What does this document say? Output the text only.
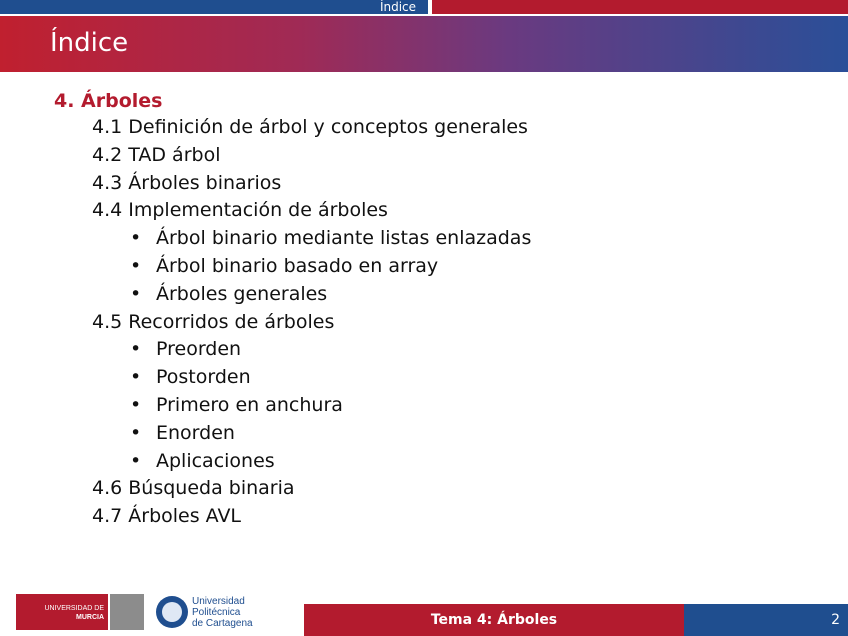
Índice
Índice
4. Árboles
4.1 Definición de árbol y conceptos generales
4.2 TAD árbol
4.3 Árboles binarios
4.4 Implementación de árboles
• Árbol binario mediante listas enlazadas
• Árbol binario basado en array
• Árboles generales
4.5 Recorridos de árboles
• Preorden
• Postorden
• Primero en anchura
• Enorden
• Aplicaciones
4.6 Búsqueda binaria
4.7 Árboles AVL
UNIVERSIDAD DE
MURCIA
Universidad
Politécnica
de Cartagena	Tema 4: Árboles	2
